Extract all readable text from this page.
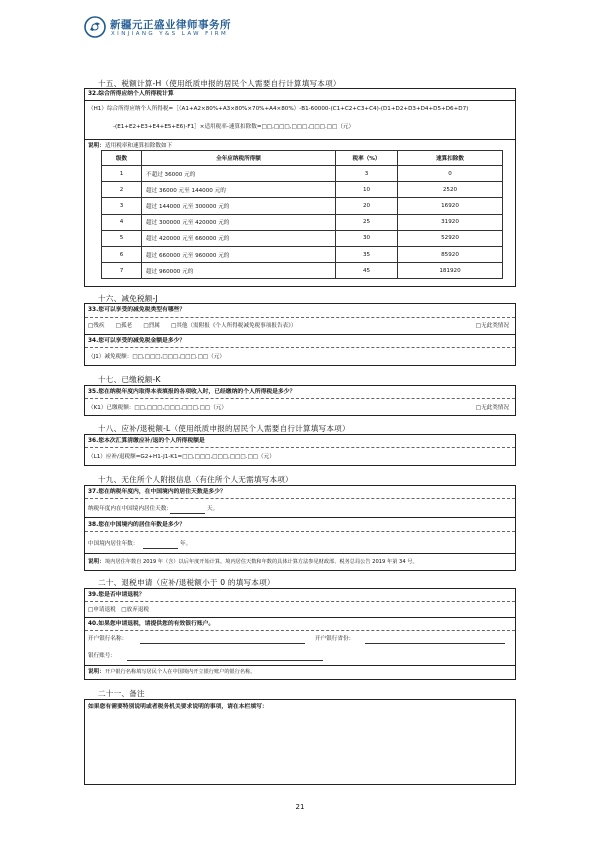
新疆元正盛业律师事务所
XINJIANG Y&S LAW FIRM
十五、税额计算-H（使用纸质申报的居民个人需要自行计算填写本项）
32.综合所得应纳个人所得税计算
（H1）综合所得应纳个人所得税=［（A1+A2×80%+A3×80%×70%+A4×80%）-B1-60000-(C1+C2+C3+C4)-(D1+D2+D3+D4+D5+D6+D7)
-(E1+E2+E3+E4+E5+E6)-F1］×适用税率-速算扣除数=□□,□□□,□□□,□□□.□□（元）
说明： 适用税率和速算扣除数如下
级数	全年应纳税所得额	税率（%）	速算扣除数
1	不超过 36000 元的	3	0
2	超过 36000 元至 144000 元的	10	2520
3	超过 144000 元至 300000 元的	20	16920
4	超过 300000 元至 420000 元的	25	31920
5	超过 420000 元至 660000 元的	30	52920
6	超过 660000 元至 960000 元的	35	85920
7	超过 960000 元的	45	181920
十六、减免税额-J
33.您可以享受的减免税类型有哪些？
□残疾　　□孤老　　□烈属　　□其他（需附报《个人所得税减免税事项报告表》）	□无此类情况
34.您可以享受的减免税金额是多少？
（J1）减免税额：□□,□□□,□□□,□□□.□□（元）
十七、已缴税额-K
35.您在纳税年度内取得本表填报的各项收入时，已经缴纳的个人所得税是多少？
（K1）已缴税额：□□,□□□,□□□,□□□.□□（元）	□无此类情况
十八、应补/退税额-L（使用纸质申报的居民个人需要自行计算填写本项）
36.您本次汇算清缴应补/退的个人所得税额是
（L1）应补/退税额=G2+H1-J1-K1=□□,□□□,□□□,□□□.□□（元）
十九、无住所个人附报信息（有住所个人无需填写本项）
37.您在纳税年度内，在中国境内的居住天数是多少？
纳税年度内在中国境内居住天数：	天。
38.您在中国境内的居住年数是多少？
中国境内居住年数：	年。
说明： 境内居住年数自 2019 年（含）以后年度开始计算。境内居住天数和年数的具体计算方法参见财政部、税务总局公告 2019 年第 34 号。
二十、退税申请（应补/退税额小于 0 的填写本项）
39.您是否申请退税？
□申请退税　□放弃退税
40.如果您申请退税，请提供您的有效银行账户。
开户银行名称：	开户银行省份：
银行账号：
说明： 开户银行名称填写居民个人在中国境内开立银行账户的银行名称。
二十一、备注
如果您有需要特别说明或者税务机关要求说明的事项，请在本栏填写：
21
